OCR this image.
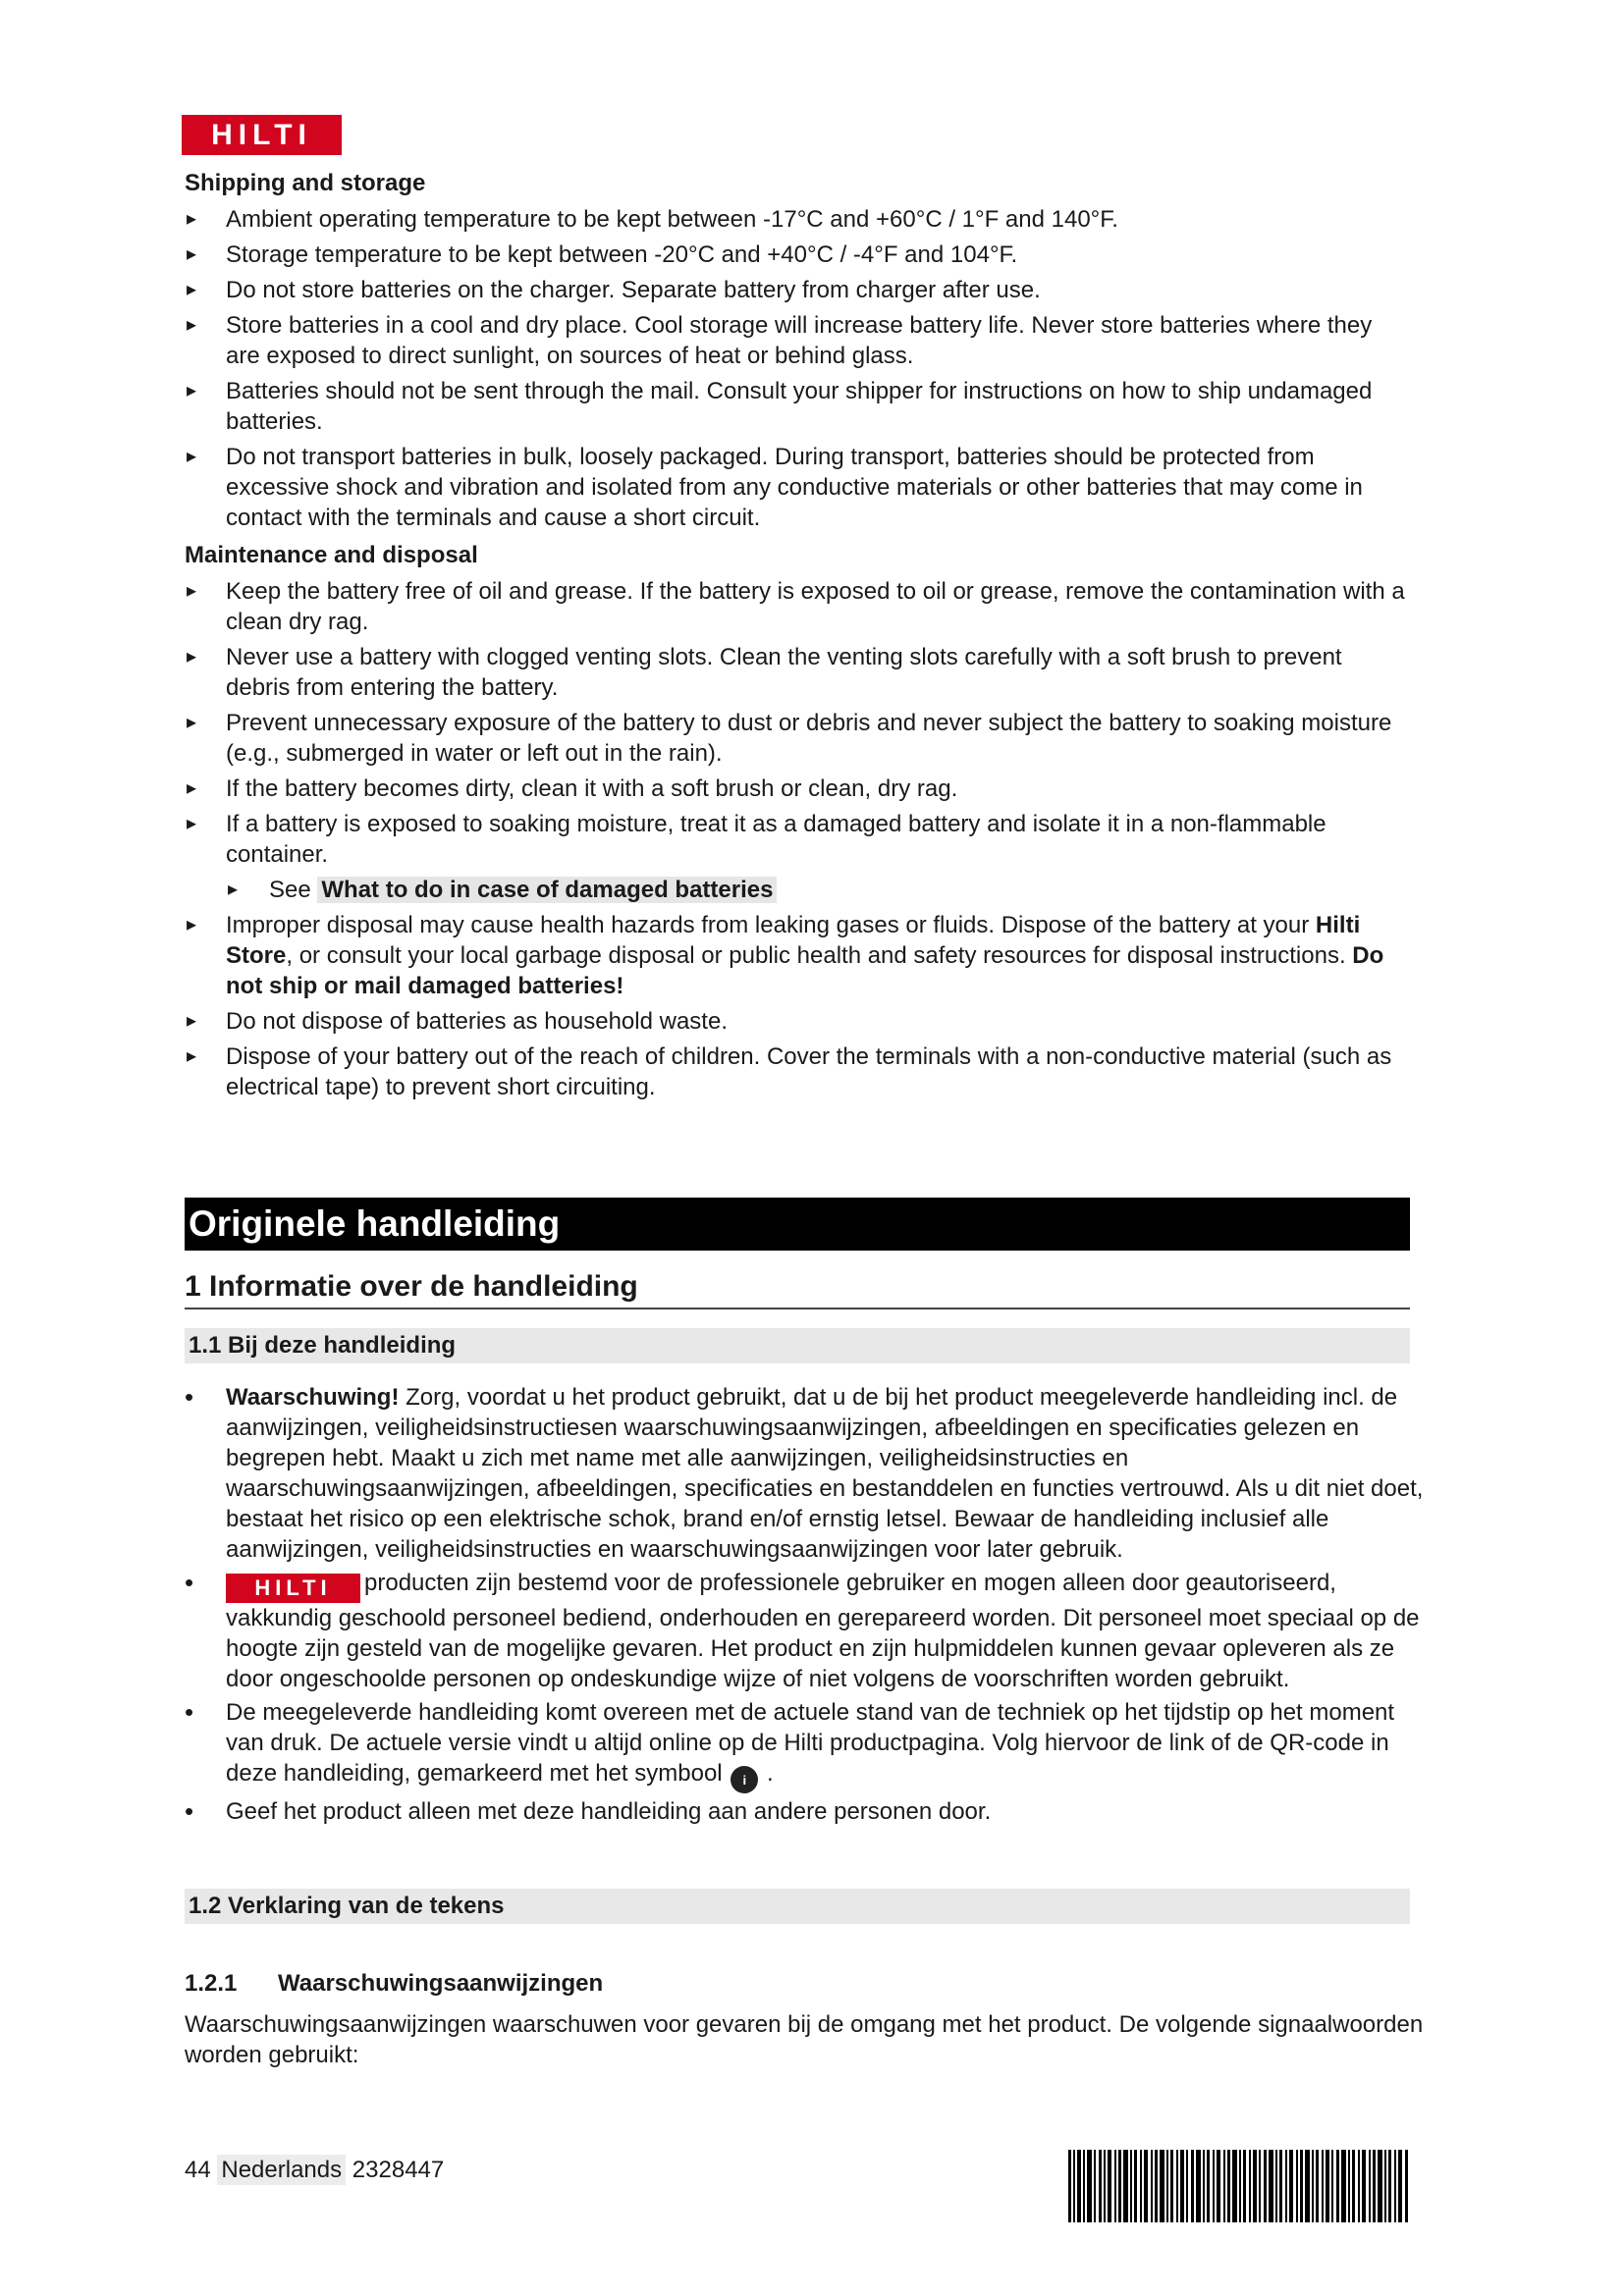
HILTI
Shipping and storage
▸ Ambient operating temperature to be kept between -17°C and +60°C / 1°F and 140°F.
▸ Storage temperature to be kept between -20°C and +40°C / -4°F and 104°F.
▸ Do not store batteries on the charger. Separate battery from charger after use.
▸ Store batteries in a cool and dry place. Cool storage will increase battery life. Never store batteries where they are exposed to direct sunlight, on sources of heat or behind glass.
▸ Batteries should not be sent through the mail. Consult your shipper for instructions on how to ship undamaged batteries.
▸ Do not transport batteries in bulk, loosely packaged. During transport, batteries should be protected from excessive shock and vibration and isolated from any conductive materials or other batteries that may come in contact with the terminals and cause a short circuit.
Maintenance and disposal
▸ Keep the battery free of oil and grease. If the battery is exposed to oil or grease, remove the contamination with a clean dry rag.
▸ Never use a battery with clogged venting slots. Clean the venting slots carefully with a soft brush to prevent debris from entering the battery.
▸ Prevent unnecessary exposure of the battery to dust or debris and never subject the battery to soaking moisture (e.g., submerged in water or left out in the rain).
▸ If the battery becomes dirty, clean it with a soft brush or clean, dry rag.
▸ If a battery is exposed to soaking moisture, treat it as a damaged battery and isolate it in a non-flammable container.
▸ See What to do in case of damaged batteries
▸ Improper disposal may cause health hazards from leaking gases or fluids. Dispose of the battery at your Hilti Store, or consult your local garbage disposal or public health and safety resources for disposal instructions. Do not ship or mail damaged batteries!
▸ Do not dispose of batteries as household waste.
▸ Dispose of your battery out of the reach of children. Cover the terminals with a non-conductive material (such as electrical tape) to prevent short circuiting.
Originele handleiding
1 Informatie over de handleiding
1.1 Bij deze handleiding
• Waarschuwing! Zorg, voordat u het product gebruikt, dat u de bij het product meegeleverde handleiding incl. de aanwijzingen, veiligheidsinstructiesen waarschuwingsaanwijzingen, afbeeldingen en specificaties gelezen en begrepen hebt. Maakt u zich met name met alle aanwijzingen, veiligheidsinstructies en waarschuwingsaanwijzingen, afbeeldingen, specificaties en bestanddelen en functies vertrouwd. Als u dit niet doet, bestaat het risico op een elektrische schok, brand en/of ernstig letsel. Bewaar de handleiding inclusief alle aanwijzingen, veiligheidsinstructies en waarschuwingsaanwijzingen voor later gebruik.
• HILTI producten zijn bestemd voor de professionele gebruiker en mogen alleen door geautoriseerd, vakkundig geschoold personeel bediend, onderhouden en gerepareerd worden. Dit personeel moet speciaal op de hoogte zijn gesteld van de mogelijke gevaren. Het product en zijn hulpmiddelen kunnen gevaar opleveren als ze door ongeschoolde personen op ondeskundige wijze of niet volgens de voorschriften worden gebruikt.
• De meegeleverde handleiding komt overeen met de actuele stand van de techniek op het tijdstip op het moment van druk. De actuele versie vindt u altijd online op de Hilti productpagina. Volg hiervoor de link of de QR-code in deze handleiding, gemarkeerd met het symbool i .
• Geef het product alleen met deze handleiding aan andere personen door.
1.2 Verklaring van de tekens
1.2.1 Waarschuwingsaanwijzingen
Waarschuwingsaanwijzingen waarschuwen voor gevaren bij de omgang met het product. De volgende signaalwoorden worden gebruikt:
44 Nederlands 2328447
